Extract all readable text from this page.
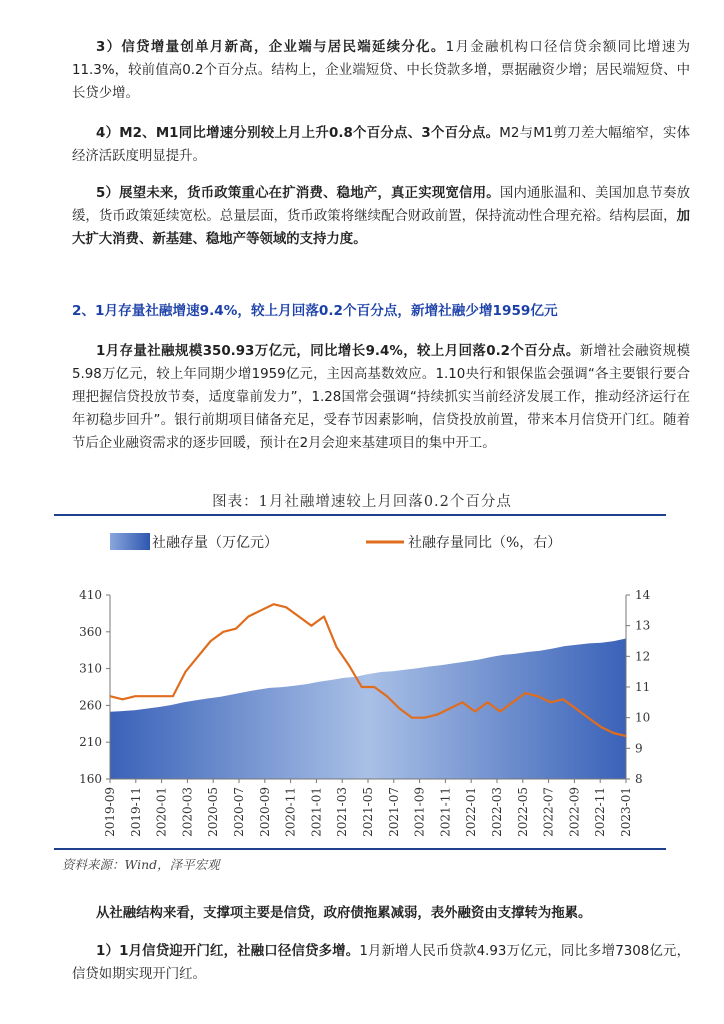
3）信贷增量创单月新高，企业端与居民端延续分化。1月金融机构口径信贷余额同比增速为11.3%，较前值高0.2个百分点。结构上，企业端短贷、中长贷款多增，票据融资少增；居民端短贷、中长贷少增。

4）M2、M1同比增速分别较上月上升0.8个百分点、3个百分点。M2与M1剪刀差大幅缩窄，实体经济活跃度明显提升。

5）展望未来，货币政策重心在扩消费、稳地产，真正实现宽信用。国内通胀温和、美国加息节奏放缓，货币政策延续宽松。总量层面，货币政策将继续配合财政前置，保持流动性合理充裕。结构层面，加大扩大消费、新基建、稳地产等领域的支持力度。

2、1月存量社融增速9.4%，较上月回落0.2个百分点，新增社融少增1959亿元

1月存量社融规模350.93万亿元，同比增长9.4%，较上月回落0.2个百分点。新增社会融资规模5.98万亿元，较上年同期少增1959亿元，主因高基数效应。1.10央行和银保监会强调“各主要银行要合理把握信贷投放节奏，适度靠前发力”，1.28国常会强调“持续抓实当前经济发展工作，推动经济运行在年初稳步回升”。银行前期项目储备充足，受春节因素影响，信贷投放前置，带来本月信贷开门红。随着节后企业融资需求的逐步回暖，预计在2月会迎来基建项目的集中开工。

图表：1月社融增速较上月回落0.2个百分点
社融存量（万亿元）	社融存量同比（%，右）
160
210
260
310
360
410
8
9
10
11
12
13
14
2019-09 2019-11 2020-01 2020-03 2020-05 2020-07 2020-09 2020-11 2021-01 2021-03 2021-05 2021-07 2021-09 2021-11 2022-01 2022-03 2022-05 2022-07 2022-09 2022-11 2023-01
资料来源：Wind，泽平宏观

从社融结构来看，支撑项主要是信贷，政府债拖累减弱，表外融资由支撑转为拖累。

1）1月信贷迎开门红，社融口径信贷多增。1月新增人民币贷款4.93万亿元，同比多增7308亿元，信贷如期实现开门红。
